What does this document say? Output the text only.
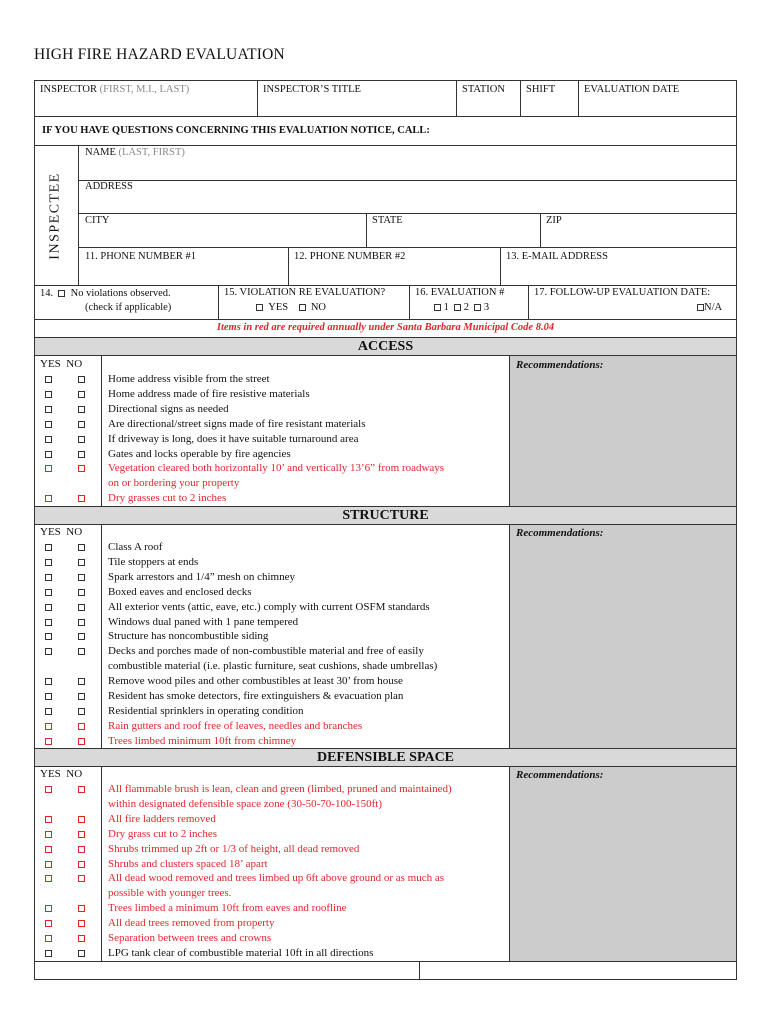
HIGH FIRE HAZARD EVALUATION
INSPECTOR (FIRST, M.I., LAST)	INSPECTOR’S TITLE	STATION SHIFT	EVALUATION DATE
IF YOU HAVE QUESTIONS CONCERNING THIS EVALUATION NOTICE, CALL:
INSPECTEE
NAME (LAST, FIRST)
ADDRESS
CITY	STATE	ZIP
11. PHONE NUMBER #1	12. PHONE NUMBER #2	13. E-MAIL ADDRESS
14. No violations observed.
(check if applicable)
15. VIOLATION RE EVALUATION?
YES NO
16. EVALUATION #
1 2 3
17. FOLLOW-UP EVALUATION DATE:
N/A
Items in red are required annually under Santa Barbara Municipal Code 8.04
ACCESS
Recommendations:
YES NO
Home address visible from the street
Home address made of fire resistive materials
Directional signs as needed
Are directional/street signs made of fire resistant materials
If driveway is long, does it have suitable turnaround area
Gates and locks operable by fire agencies
Vegetation cleared both horizontally 10’ and vertically 13’6” from roadways
on or bordering your property
Dry grasses cut to 2 inches
STRUCTURE
Recommendations:
YES NO
Class A roof
Tile stoppers at ends
Spark arrestors and 1/4” mesh on chimney
Boxed eaves and enclosed decks
All exterior vents (attic, eave, etc.) comply with current OSFM standards
Windows dual paned with 1 pane tempered
Structure has noncombustible siding
Decks and porches made of non-combustible material and free of easily
combustible material (i.e. plastic furniture, seat cushions, shade umbrellas)
Remove wood piles and other combustibles at least 30’ from house
Resident has smoke detectors, fire extinguishers & evacuation plan
Residential sprinklers in operating condition
Rain gutters and roof free of leaves, needles and branches
Trees limbed minimum 10ft from chimney
DEFENSIBLE SPACE
Recommendations:
YES NO
All flammable brush is lean, clean and green (limbed, pruned and maintained)
within designated defensible space zone (30-50-70-100-150ft)
All fire ladders removed
Dry grass cut to 2 inches
Shrubs trimmed up 2ft or 1/3 of height, all dead removed
Shrubs and clusters spaced 18’ apart
All dead wood removed and trees limbed up 6ft above ground or as much as
possible with younger trees.
Trees limbed a minimum 10ft from eaves and roofline
All dead trees removed from property
Separation between trees and crowns
LPG tank clear of combustible material 10ft in all directions
